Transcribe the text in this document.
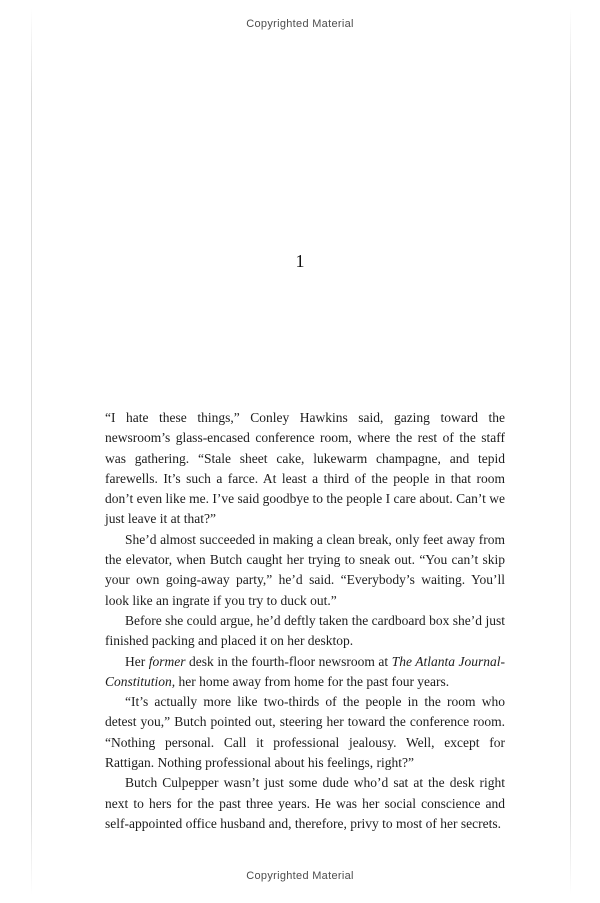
Copyrighted Material
1

“I hate these things,” Conley Hawkins said, gazing toward the newsroom’s glass-encased conference room, where the rest of the staff was gathering. “Stale sheet cake, lukewarm champagne, and tepid farewells. It’s such a farce. At least a third of the people in that room don’t even like me. I’ve said goodbye to the people I care about. Can’t we just leave it at that?”

She’d almost succeeded in making a clean break, only feet away from the elevator, when Butch caught her trying to sneak out. “You can’t skip your own going-away party,” he’d said. “Everybody’s waiting. You’ll look like an ingrate if you try to duck out.”

Before she could argue, he’d deftly taken the cardboard box she’d just finished packing and placed it on her desktop.

Her former desk in the fourth-floor newsroom at The Atlanta Journal-Constitution, her home away from home for the past four years.

“It’s actually more like two-thirds of the people in the room who detest you,” Butch pointed out, steering her toward the conference room. “Nothing personal. Call it professional jealousy. Well, except for Rattigan. Nothing professional about his feelings, right?”

Butch Culpepper wasn’t just some dude who’d sat at the desk right next to hers for the past three years. He was her social conscience and self-appointed office husband and, therefore, privy to most of her secrets.

Copyrighted Material
